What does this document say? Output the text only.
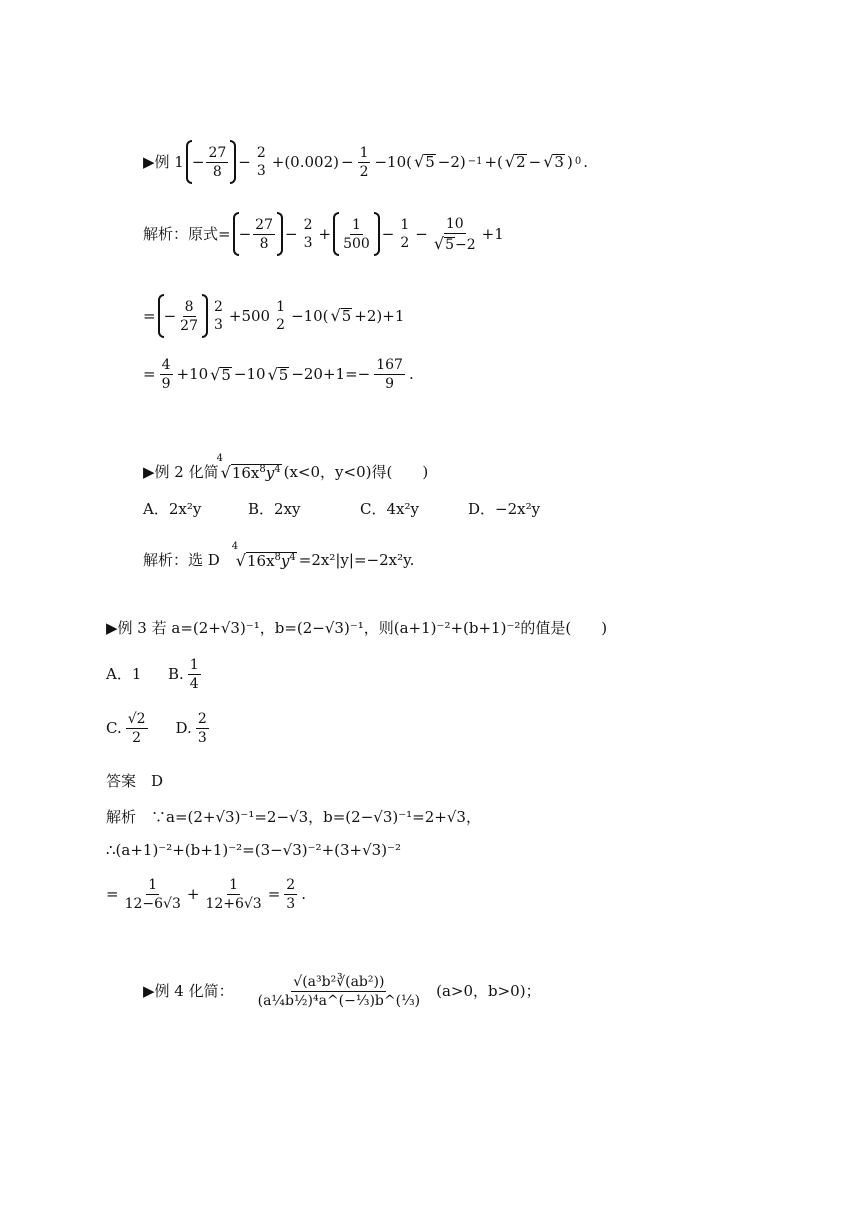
▶例 $1 - \frac{27}{8} - 2$
3
$+(0.002) - \frac{1}{2} -10$( √ 5 −2) −1 +( √ 2 − √ 3 ) 0 .
解析：原式= − $\frac{27}{8} - 2$
3
+ $\frac{1}{500} - 1$
2
− $\frac{10}{√ 5 -2} +1$
= − $\frac{8}{27} 2$
3
+500 1
2
−10( √ 5 +2)+1
= $\frac{4}{9} +10$ √ 5 −10 √ $5 -20+1=- \frac{167}{9}$ .
▶例 2 化简
4
√ $16x^8y^4$ (x<0，y<0)得(　　)
A．2x²y	B．2xy	C．4x²y	D．−2x²y
解析：选 D
4
√ $16x^8y^4 =2x^2|y|=-2x^2y$.
▶例 3 若 a=(2+√3)⁻¹，b=(2−√3)⁻¹，则(a+1)⁻²+(b+1)⁻²的值是(　　)
A．1	B. $\frac{1}{4}$
C. $\frac{√2}{2} D$. $\frac{2}{3}$
答案　D
解析　∵a=(2+√3)⁻¹=2−√3，b=(2−√3)⁻¹=2+√3，
∴(a+1)⁻²+(b+1)⁻²=(3−√3)⁻²+(3+√3)⁻²
= $\frac{1}{12-6√3} + \frac{1}{12+6√3} = \frac{2}{3}$ .
▶例 4 化简： $\frac{\text{√(a³b²∛(ab²))}}{\text{(a¼b½)⁴a\textasciicircum{}(−⅓)b\textasciicircum{}(⅓)}} (a>0$，b>0)；
